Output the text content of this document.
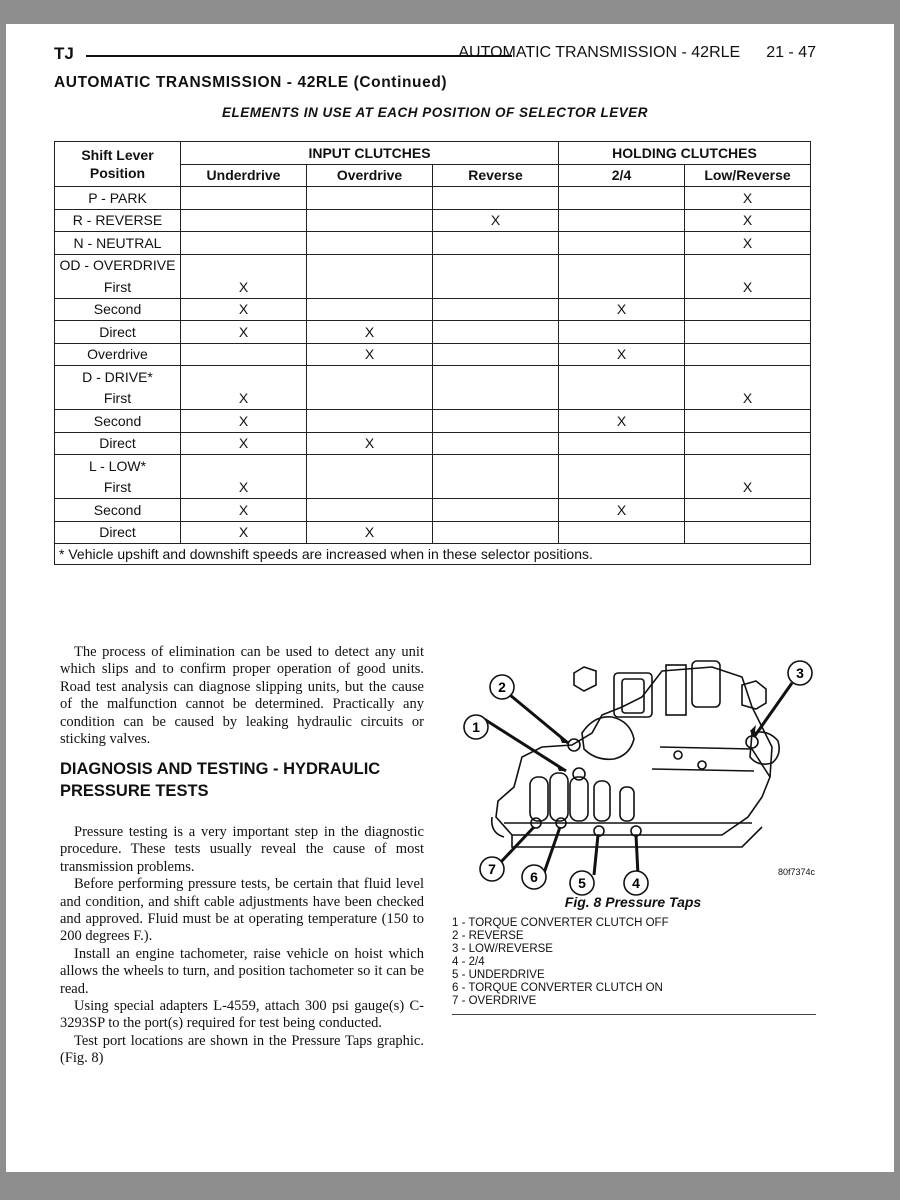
TJ	AUTOMATIC TRANSMISSION - 42RLE 21 - 47
AUTOMATIC TRANSMISSION - 42RLE (Continued)
ELEMENTS IN USE AT EACH POSITION OF SELECTOR LEVER
Shift Lever Position	INPUT CLUTCHES			HOLDING CLUTCHES	
	Underdrive	Overdrive	Reverse	2/4	Low/Reverse
P - PARK					X
R - REVERSE			X		X
N - NEUTRAL					X
OD - OVERDRIVE					
First	X				X
Second	X			X	
Direct	X	X			
Overdrive		X		X	
D - DRIVE*					
First	X				X
Second	X			X	
Direct	X	X			
L - LOW*					
First	X				X
Second	X			X	
Direct	X	X			
* Vehicle upshift and downshift speeds are increased when in these selector positions.					

The process of elimination can be used to detect any unit which slips and to confirm proper operation of good units. Road test analysis can diagnose slipping units, but the cause of the malfunction cannot be determined. Practically any condition can be caused by leaking hydraulic circuits or sticking valves.

DIAGNOSIS AND TESTING - HYDRAULIC PRESSURE TESTS

Pressure testing is a very important step in the diagnostic procedure. These tests usually reveal the cause of most transmission problems.

Before performing pressure tests, be certain that fluid level and condition, and shift cable adjustments have been checked and approved. Fluid must be at operating temperature (150 to 200 degrees F.).

Install an engine tachometer, raise vehicle on hoist which allows the wheels to turn, and position tachometer so it can be read.

Using special adapters L-4559, attach 300 psi gauge(s) C-3293SP to the port(s) required for test being conducted.

Test port locations are shown in the Pressure Taps graphic. (Fig. 8)

1
2
3
4
5
6
7	80f7374c
Fig. 8 Pressure Taps
1 - TORQUE CONVERTER CLUTCH OFF
2 - REVERSE
3 - LOW/REVERSE
4 - 2/4
5 - UNDERDRIVE
6 - TORQUE CONVERTER CLUTCH ON
7 - OVERDRIVE
